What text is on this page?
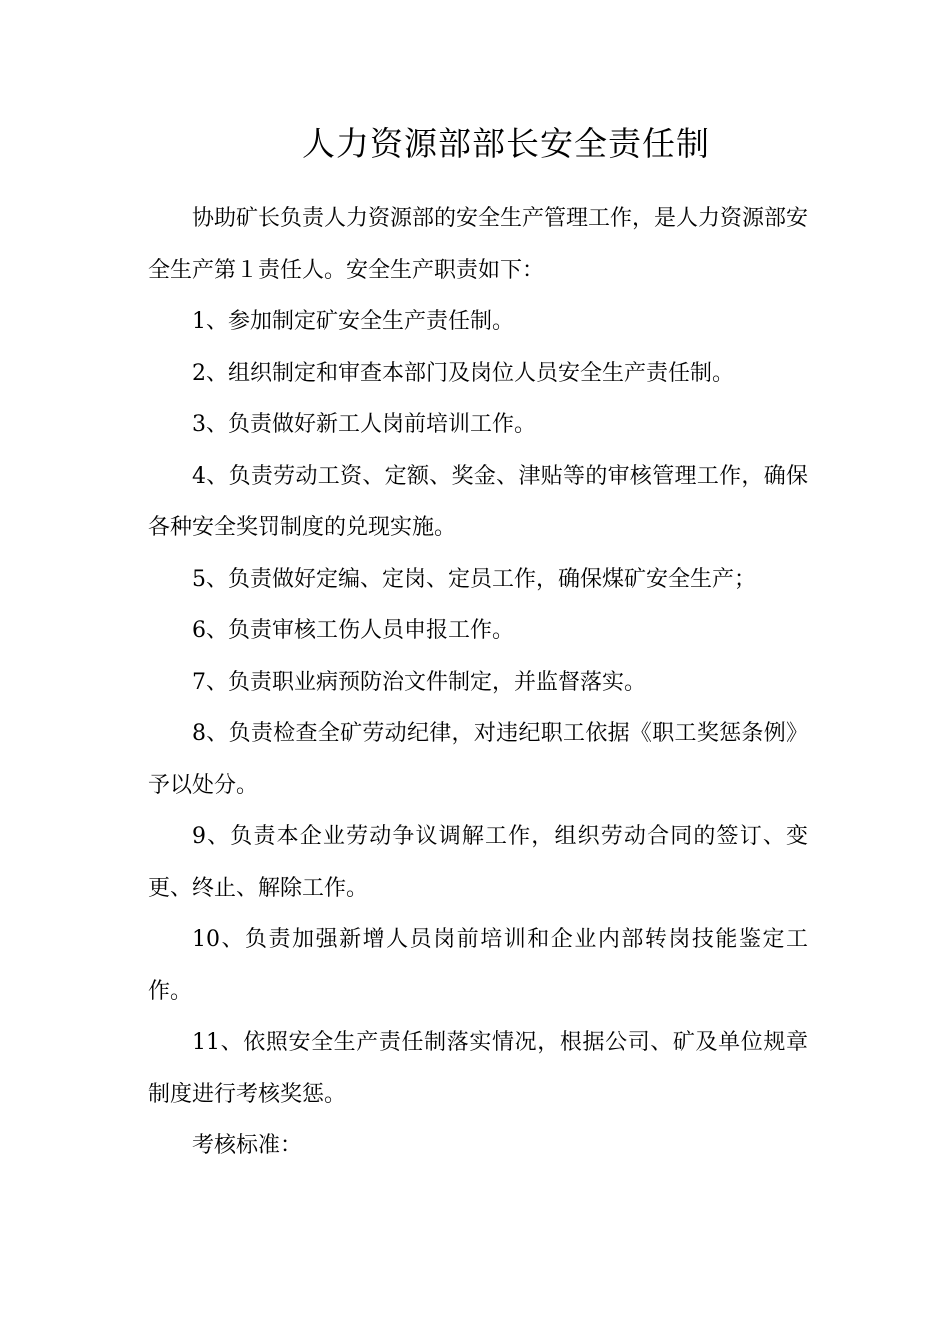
人力资源部部长安全责任制

协助矿长负责人力资源部的安全生产管理工作，是人力资源部安全生产第１责任人。安全生产职责如下：

1、参加制定矿安全生产责任制。

2、组织制定和审查本部门及岗位人员安全生产责任制。

3、负责做好新工人岗前培训工作。

4、负责劳动工资、定额、奖金、津贴等的审核管理工作，确保各种安全奖罚制度的兑现实施。

5、负责做好定编、定岗、定员工作，确保煤矿安全生产；

6、负责审核工伤人员申报工作。

7、负责职业病预防治文件制定，并监督落实。

8、负责检查全矿劳动纪律，对违纪职工依据《职工奖惩条例》予以处分。

9、负责本企业劳动争议调解工作，组织劳动合同的签订、变更、终止、解除工作。

10、负责加强新增人员岗前培训和企业内部转岗技能鉴定工作。

11、依照安全生产责任制落实情况，根据公司、矿及单位规章制度进行考核奖惩。

考核标准：
